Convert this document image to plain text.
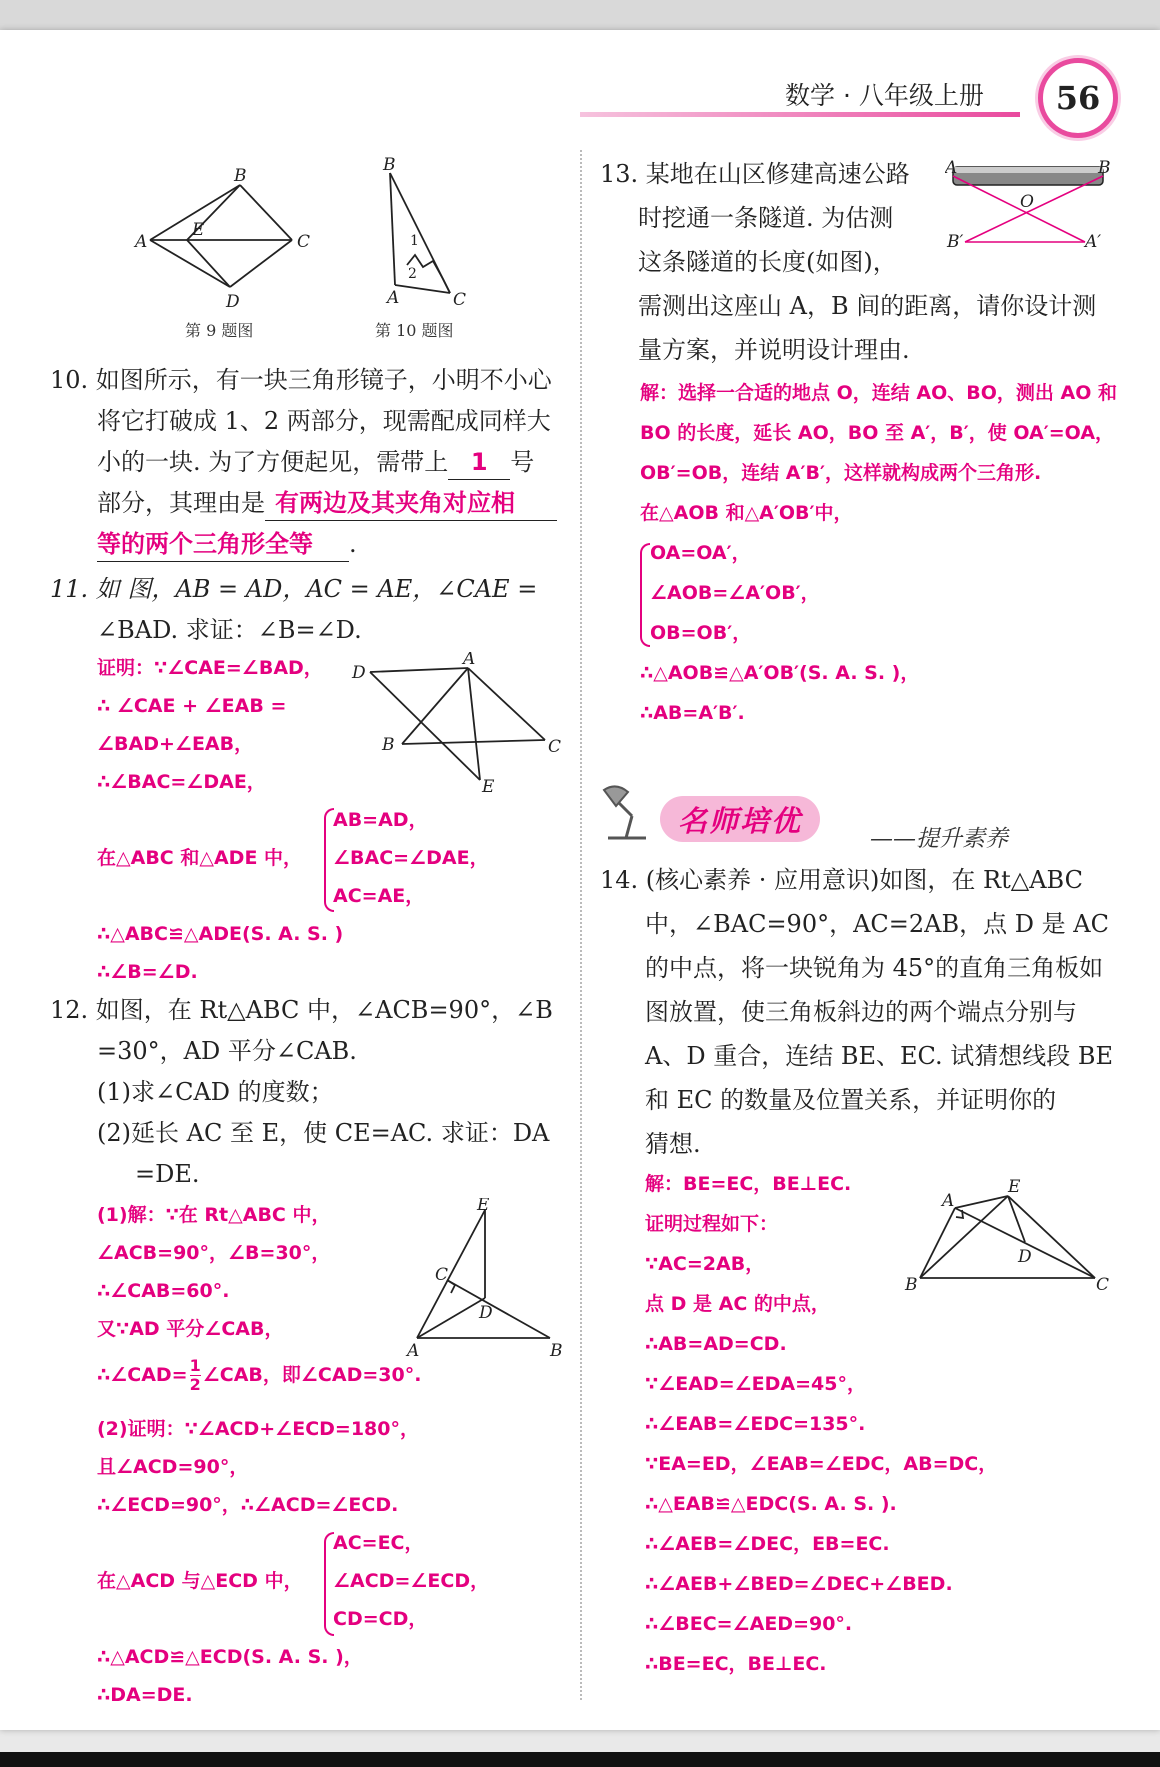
数学 · 八年级上册	56
A
B
C
D
E
第 9 题图
B
A	C
1
2
第 10 题图
10. 如图所示，有一块三角形镜子，小明不小心
将它打破成 1、2 两部分，现需配成同样大
小的一块. 为了方便起见，需带上 1 号
部分，其理由是 有两边及其夹角对应相
等的两个三角形全等 .
11. 如 图，AB = AD，AC = AE，∠CAE =
∠BAD. 求证：∠B=∠D.
证明：∵∠CAE=∠BAD，
∴ ∠CAE + ∠EAB =
∠BAD+∠EAB，
∴∠BAC=∠DAE，
D
A
B	C
E
在△ABC 和△ADE 中，
AB=AD，
∠BAC=∠DAE，
AC=AE，
∴△ABC≌△ADE(S. A. S. )
∴∠B=∠D.
12. 如图，在 Rt△ABC 中，∠ACB=90°，∠B
=30°，AD 平分∠CAB.
(1)求∠CAD 的度数；
(2)延长 AC 至 E，使 CE=AC. 求证：DA
=DE.
(1)解：∵在 Rt△ABC 中，
∠ACB=90°，∠B=30°，
∴∠CAB=60°.
又∵AD 平分∠CAB，
E
C
D
A	B
∴∠CAD= $\frac{1}{2}$ ∠CAB，即∠CAD=30°.
(2)证明：∵∠ACD+∠ECD=180°，
且∠ACD=90°，
∴∠ECD=90°，∴∠ACD=∠ECD.
在△ACD 与△ECD 中，
AC=EC，
∠ACD=∠ECD，
CD=CD，
∴△ACD≌△ECD(S. A. S. )，
∴DA=DE.
13. 某地在山区修建高速公路
时挖通一条隧道. 为估测
这条隧道的长度(如图)，
需测出这座山 A，B 间的距离，请你设计测
量方案，并说明设计理由.
A	B
O
B′	A′
解：选择一合适的地点 O，连结 AO、BO，测出 AO 和
BO 的长度，延长 AO，BO 至 A′，B′，使 OA′=OA，
OB′=OB，连结 A′B′，这样就构成两个三角形.
在△AOB 和△A′OB′中，
OA=OA′，
∠AOB=∠A′OB′，
OB=OB′，
∴△AOB≌△A′OB′(S. A. S. )，
∴AB=A′B′.
名师培优
——提升素养
14. (核心素养 · 应用意识)如图，在 Rt△ABC
中，∠BAC=90°，AC=2AB，点 D 是 AC
的中点，将一块锐角为 45°的直角三角板如
图放置，使三角板斜边的两个端点分别与
A、D 重合，连结 BE、EC. 试猜想线段 BE
和 EC 的数量及位置关系，并证明你的
猜想.
A
E
D
B	C
解：BE=EC，BE⊥EC.
证明过程如下：
∵AC=2AB，
点 D 是 AC 的中点，
∴AB=AD=CD.
∵∠EAD=∠EDA=45°，
∴∠EAB=∠EDC=135°.
∵EA=ED，∠EAB=∠EDC，AB=DC，
∴△EAB≌△EDC(S. A. S. ).
∴∠AEB=∠DEC，EB=EC.
∴∠AEB+∠BED=∠DEC+∠BED.
∴∠BEC=∠AED=90°.
∴BE=EC，BE⊥EC.
